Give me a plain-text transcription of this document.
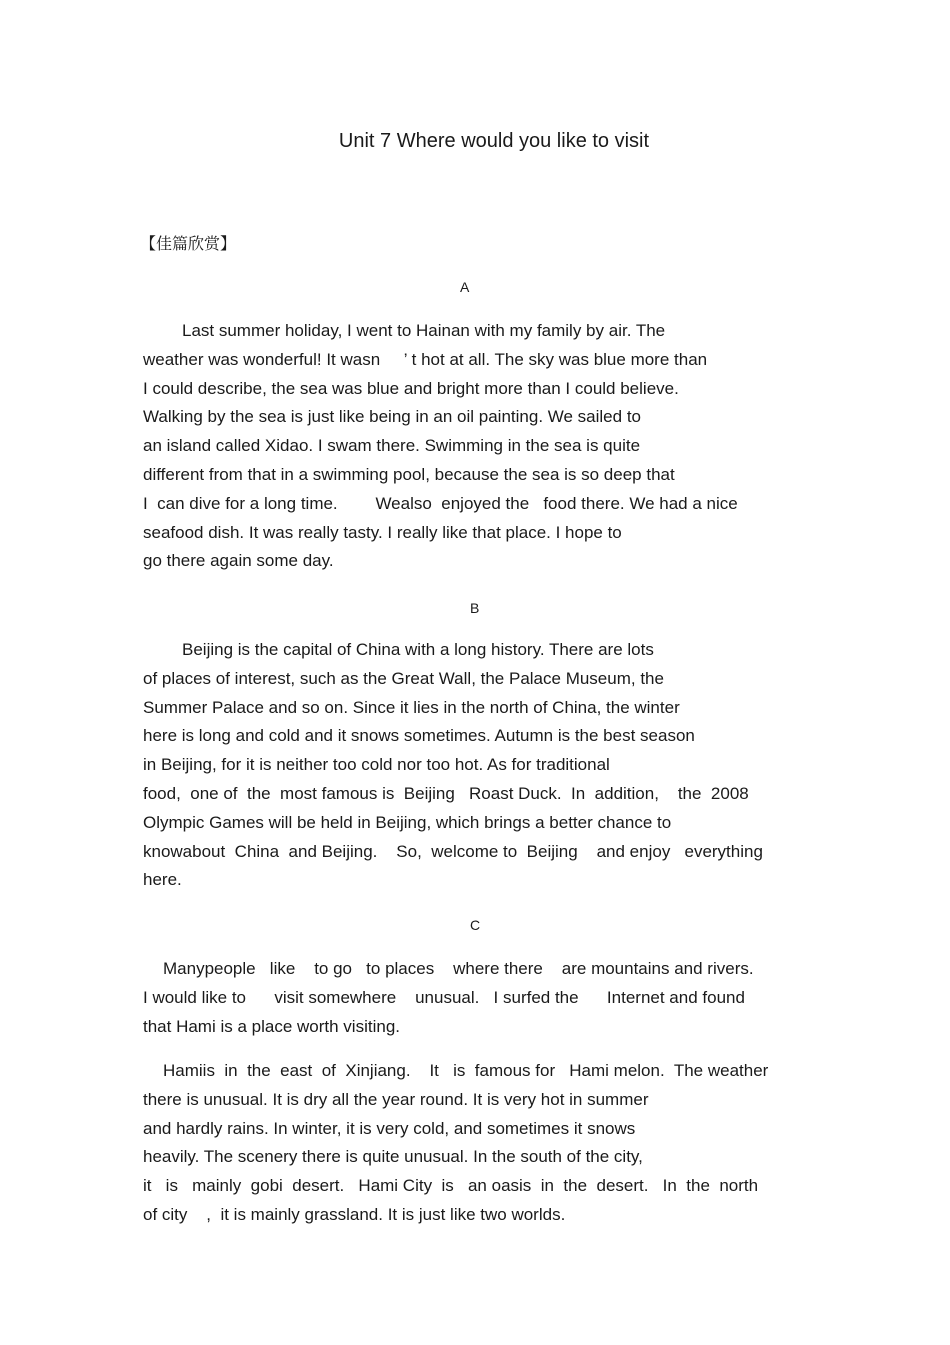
Unit 7 Where would you like to visit
【佳篇欣赏】
A
Last summer holiday, I went to Hainan with my family by air. The
weather was wonderful! It wasn     ’ t hot at all. The sky was blue more than
I could describe, the sea was blue and bright more than I could believe.
Walking by the sea is just like being in an oil painting. We sailed to
an island called Xidao. I swam there. Swimming in the sea is quite
different from that in a swimming pool, because the sea is so deep that
I  can dive for a long time.        Wealso  enjoyed the   food there. We had a nice
seafood dish. It was really tasty. I really like that place. I hope to
go there again some day.
B
Beijing is the capital of China with a long history. There are lots
of places of interest, such as the Great Wall, the Palace Museum, the
Summer Palace and so on. Since it lies in the north of China, the winter
here is long and cold and it snows sometimes. Autumn is the best season
in Beijing, for it is neither too cold nor too hot. As for traditional
food,  one of  the  most famous is  Beijing   Roast Duck.  In  addition,    the  2008
Olympic Games will be held in Beijing, which brings a better chance to
knowabout  China  and Beijing.    So,  welcome to  Beijing    and enjoy   everything
here.
C
Manypeople   like    to go   to places    where there    are mountains and rivers.
I would like to      visit somewhere    unusual.   I surfed the      Internet and found
that Hami is a place worth visiting.
Hamiis  in  the  east  of  Xinjiang.    It   is  famous for   Hami melon.  The weather
there is unusual. It is dry all the year round. It is very hot in summer
and hardly rains. In winter, it is very cold, and sometimes it snows
heavily. The scenery there is quite unusual. In the south of the city,
it   is   mainly  gobi  desert.   Hami City  is   an oasis  in  the  desert.   In  the  north
of city    ,  it is mainly grassland. It is just like two worlds.
